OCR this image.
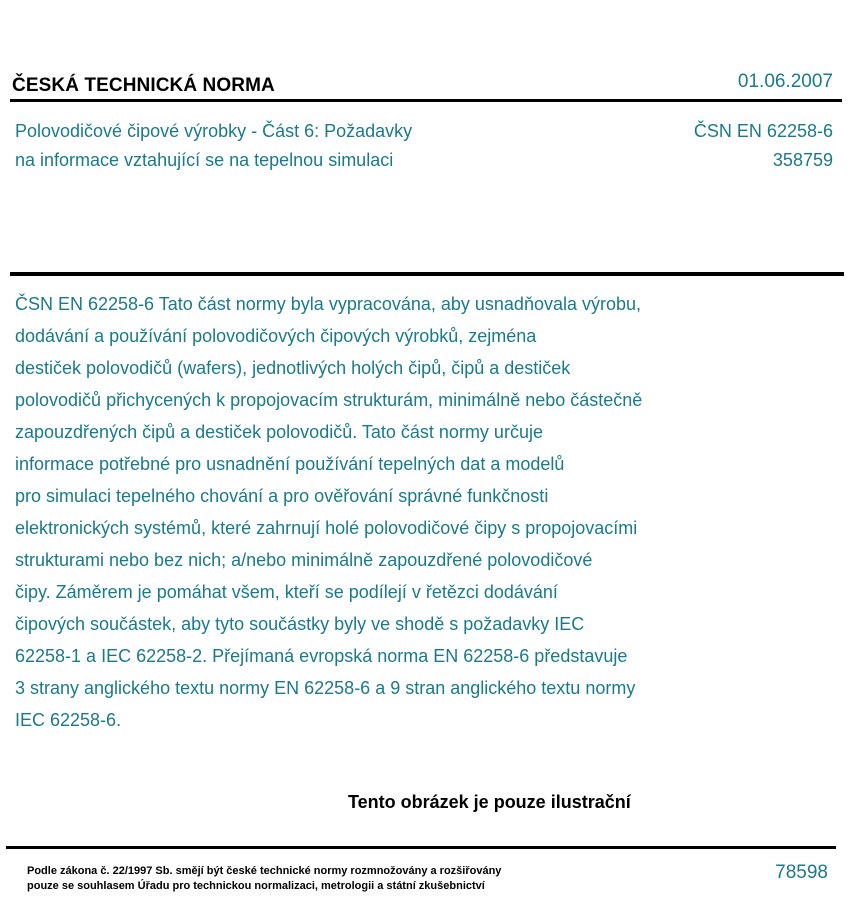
ČESKÁ TECHNICKÁ NORMA	01.06.2007
Polovodičové čipové výrobky - Část 6: Požadavky
na informace vztahující se na tepelnou simulaci
ČSN EN 62258-6
358759

ČSN EN 62258-6 Tato část normy byla vypracována, aby usnadňovala výrobu,

dodávání a používání polovodičových čipových výrobků, zejména

destiček polovodičů (wafers), jednotlivých holých čipů, čipů a destiček

polovodičů přichycených k propojovacím strukturám, minimálně nebo částečně

zapouzdřených čipů a destiček polovodičů. Tato část normy určuje

informace potřebné pro usnadnění používání tepelných dat a modelů

pro simulaci tepelného chování a pro ověřování správné funkčnosti

elektronických systémů, které zahrnují holé polovodičové čipy s propojovacími

strukturami nebo bez nich; a/nebo minimálně zapouzdřené polovodičové

čipy. Záměrem je pomáhat všem, kteří se podílejí v řetězci dodávání

čipových součástek, aby tyto součástky byly ve shodě s požadavky IEC

62258-1 a IEC 62258-2. Přejímaná evropská norma EN 62258-6 představuje

3 strany anglického textu normy EN 62258-6 a 9 stran anglického textu normy

IEC 62258-6.

Tento obrázek je pouze ilustrační
Podle zákona č. 22/1997 Sb. smějí být české technické normy rozmnožovány a rozšiřovány
pouze se souhlasem Úřadu pro technickou normalizaci, metrologii a státní zkušebnictví
78598
